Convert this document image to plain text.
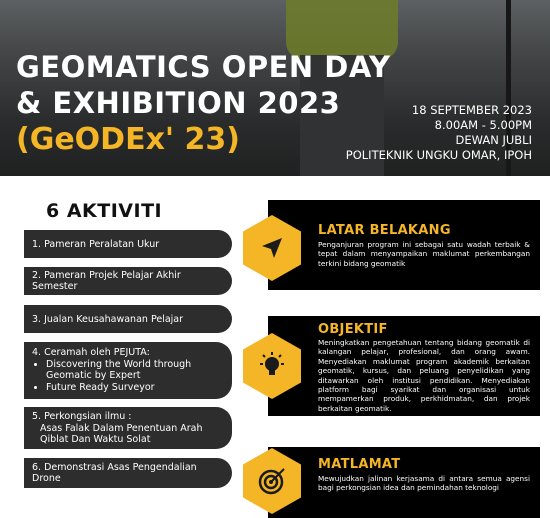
GEOMATICS OPEN DAY
& EXHIBITION 2023
(GeODEx' 23)
18 SEPTEMBER 2023
8.00AM - 5.00PM
DEWAN JUBLI
POLITEKNIK UNGKU OMAR, IPOH
6 AKTIVITI
1. Pameran Peralatan Ukur
2. Pameran Projek Pelajar Akhir Semester
3. Jualan Keusahawanan Pelajar
4. Ceramah oleh PEJUTA:
• Discovering the World through Geomatic by Expert
• Future Ready Surveyor
5. Perkongsian ilmu :
Asas Falak Dalam Penentuan Arah Qiblat Dan Waktu Solat
6. Demonstrasi Asas Pengendalian Drone
LATAR BELAKANG

Penganjuran program ini sebagai satu wadah terbaik & tepat dalam menyampaikan maklumat perkembangan terkini bidang geomatik

OBJEKTIF

Meningkatkan pengetahuan tentang bidang geomatik di kalangan pelajar, profesional, dan orang awam. Menyediakan maklumat program akademik berkaitan geomatik, kursus, dan peluang penyelidikan yang ditawarkan oleh institusi pendidikan. Menyediakan platform bagi syarikat dan organisasi untuk mempamerkan produk, perkhidmatan, dan projek berkaitan geomatik.

MATLAMAT

Mewujudkan jalinan kerjasama di antara semua agensi bagi perkongsian idea dan pemindahan teknologi
